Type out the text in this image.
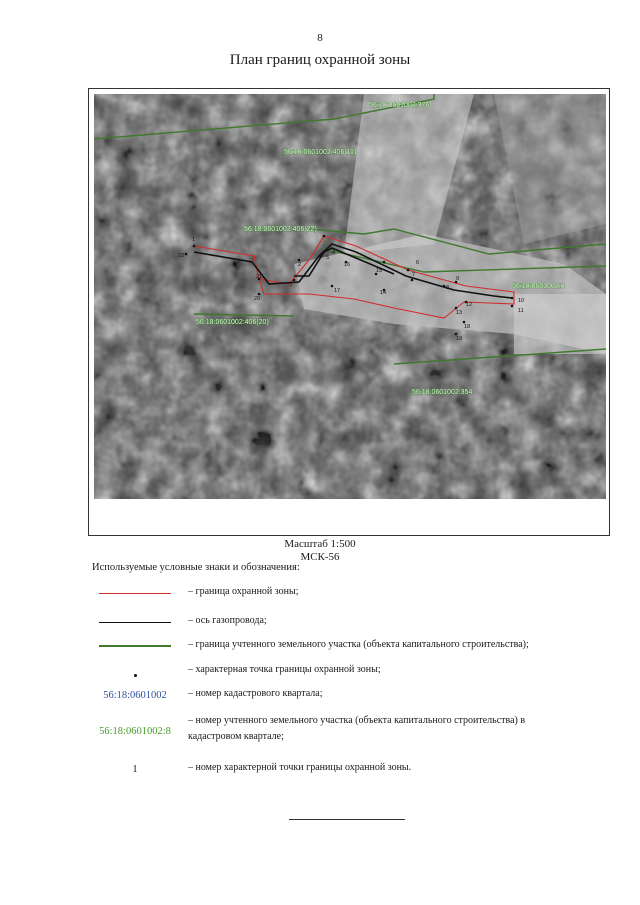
8
План границ охранной зоны
1
2
3
4
5
6
7
8
9
10
11
12
13
14
15
16
17
18
19
20
21
22
56:18:0601002:376
56:18:0601002:406(11)
56:18:0601002:406(22)
56:18:0601002:8
56:18:0601002:406(20)
56:18:0601002:354
Масштаб 1:500
МСК-56
Используемые условные знаки и обозначения:
– граница охранной зоны;
– ось газопровода;
– граница учтенного земельного участка (объекта капитального строительства);
– характерная точка границы охранной зоны;
56:18:0601002	– номер кадастрового квартала;
56:18:0601002:8
– номер учтенного земельного участка (объекта капитального строительства) в кадастровом квартале;
1	– номер характерной точки границы охранной зоны.
